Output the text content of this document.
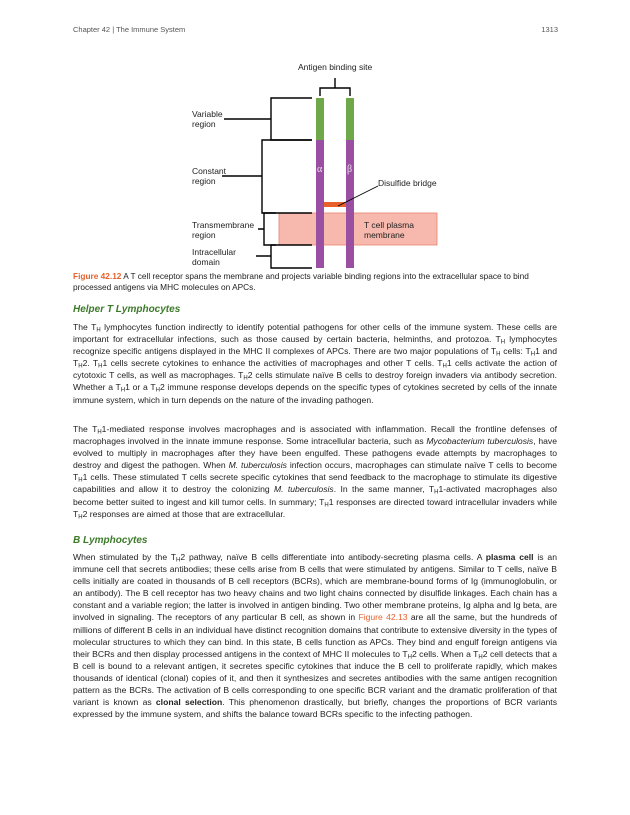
Chapter 42 | The Immune System	1313
α β
Antigen binding site
Variable
region
Constant
region
Transmembrane
region
Intracellular
domain
Disulfide bridge
T cell plasma
membrane
Figure 42.12 A T cell receptor spans the membrane and projects variable binding regions into the extracellular space to bind processed antigens via MHC molecules on APCs.
Helper T Lymphocytes

The $T_H$ lymphocytes function indirectly to identify potential pathogens for other cells of the immune system. These cells are important for extracellular infections, such as those caused by certain bacteria, helminths, and protozoa. $T_H$ lymphocytes recognize specific antigens displayed in the MHC II complexes of APCs. There are two major populations of $T_H$ cells: $T_H1$ and $T_H2$. $T_H1$ cells secrete cytokines to enhance the activities of macrophages and other T cells. $T_H1$ cells activate the action of cytotoxic T cells, as well as macrophages. $T_H2$ cells stimulate naïve B cells to destroy foreign invaders via antibody secretion. Whether a $T_H1$ or a $T_H2$ immune response develops depends on the specific types of cytokines secreted by cells of the innate immune system, which in turn depends on the nature of the invading pathogen.

The $T_H1$-mediated response involves macrophages and is associated with inflammation. Recall the frontline defenses of macrophages involved in the innate immune response. Some intracellular bacteria, such as Mycobacterium tuberculosis, have evolved to multiply in macrophages after they have been engulfed. These pathogens evade attempts by macrophages to destroy and digest the pathogen. When M. tuberculosis infection occurs, macrophages can stimulate naïve T cells to become $T_H1$ cells. These stimulated T cells secrete specific cytokines that send feedback to the macrophage to stimulate its digestive capabilities and allow it to destroy the colonizing M. tuberculosis. In the same manner, $T_H1$-activated macrophages also become better suited to ingest and kill tumor cells. In summary; $T_H1$ responses are directed toward intracellular invaders while $T_H2$ responses are aimed at those that are extracellular.

B Lymphocytes

When stimulated by the $T_H2$ pathway, naïve B cells differentiate into antibody-secreting plasma cells. A plasma cell is an immune cell that secrets antibodies; these cells arise from B cells that were stimulated by antigens. Similar to T cells, naïve B cells initially are coated in thousands of B cell receptors (BCRs), which are membrane-bound forms of Ig (immunoglobulin, or an antibody). The B cell receptor has two heavy chains and two light chains connected by disulfide linkages. Each chain has a constant and a variable region; the latter is involved in antigen binding. Two other membrane proteins, Ig alpha and Ig beta, are involved in signaling. The receptors of any particular B cell, as shown in Figure 42.13 are all the same, but the hundreds of millions of different B cells in an individual have distinct recognition domains that contribute to extensive diversity in the types of molecular structures to which they can bind. In this state, B cells function as APCs. They bind and engulf foreign antigens via their BCRs and then display processed antigens in the context of MHC II molecules to $T_H2$ cells. When a $T_H2$ cell detects that a B cell is bound to a relevant antigen, it secretes specific cytokines that induce the B cell to proliferate rapidly, which makes thousands of identical (clonal) copies of it, and then it synthesizes and secretes antibodies with the same antigen recognition pattern as the BCRs. The activation of B cells corresponding to one specific BCR variant and the dramatic proliferation of that variant is known as clonal selection. This phenomenon drastically, but briefly, changes the proportions of BCR variants expressed by the immune system, and shifts the balance toward BCRs specific to the infecting pathogen.
